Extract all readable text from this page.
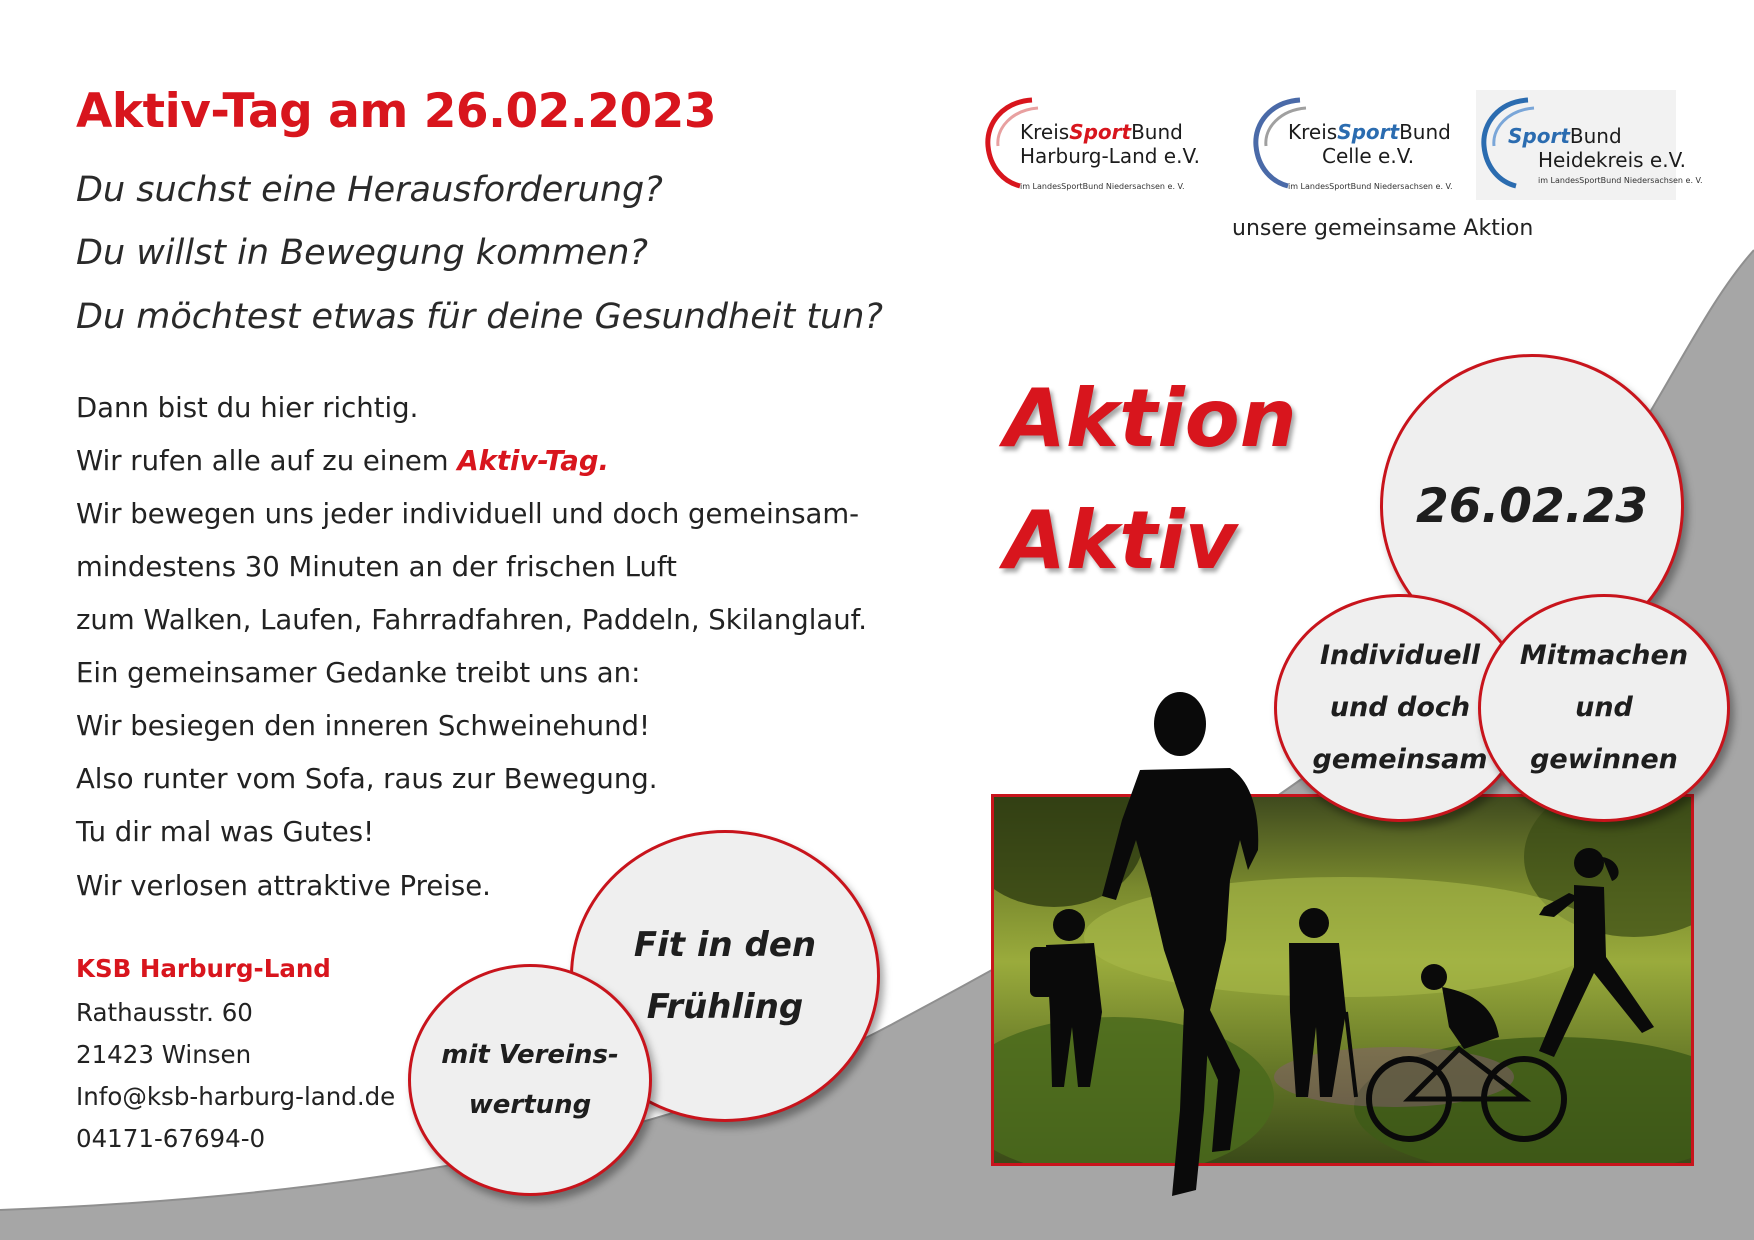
Aktiv-Tag am 26.02.2023

Du suchst eine Herausforderung?

Du willst in Bewegung kommen?

Du möchtest etwas für deine Gesundheit tun?

Dann bist du hier richtig.

Wir rufen alle auf zu einem Aktiv-Tag.

Wir bewegen uns jeder individuell und doch gemeinsam-

mindestens 30 Minuten an der frischen Luft

zum Walken, Laufen, Fahrradfahren, Paddeln, Skilanglauf.

Ein gemeinsamer Gedanke treibt uns an:

Wir besiegen den inneren Schweinehund!

Also runter vom Sofa, raus zur Bewegung.

Tu dir mal was Gutes!

Wir verlosen attraktive Preise.

KSB Harburg-Land

Rathausstr. 60

21423 Winsen

Info@ksb-harburg-land.de

04171-67694-0

KreisSportBund
Harburg-Land e.V.
im LandesSportBund Niedersachsen e. V.
KreisSportBund
Celle e.V.
im LandesSportBund Niedersachsen e. V.
SportBund
Heidekreis e.V.
im LandesSportBund Niedersachsen e. V.

unsere gemeinsame Aktion

Aktion

Aktiv	26.02.23
Individuell
und doch
gemeinsam
Mitmachen
und
gewinnen
Fit in den
Frühling
mit Vereins-
wertung
